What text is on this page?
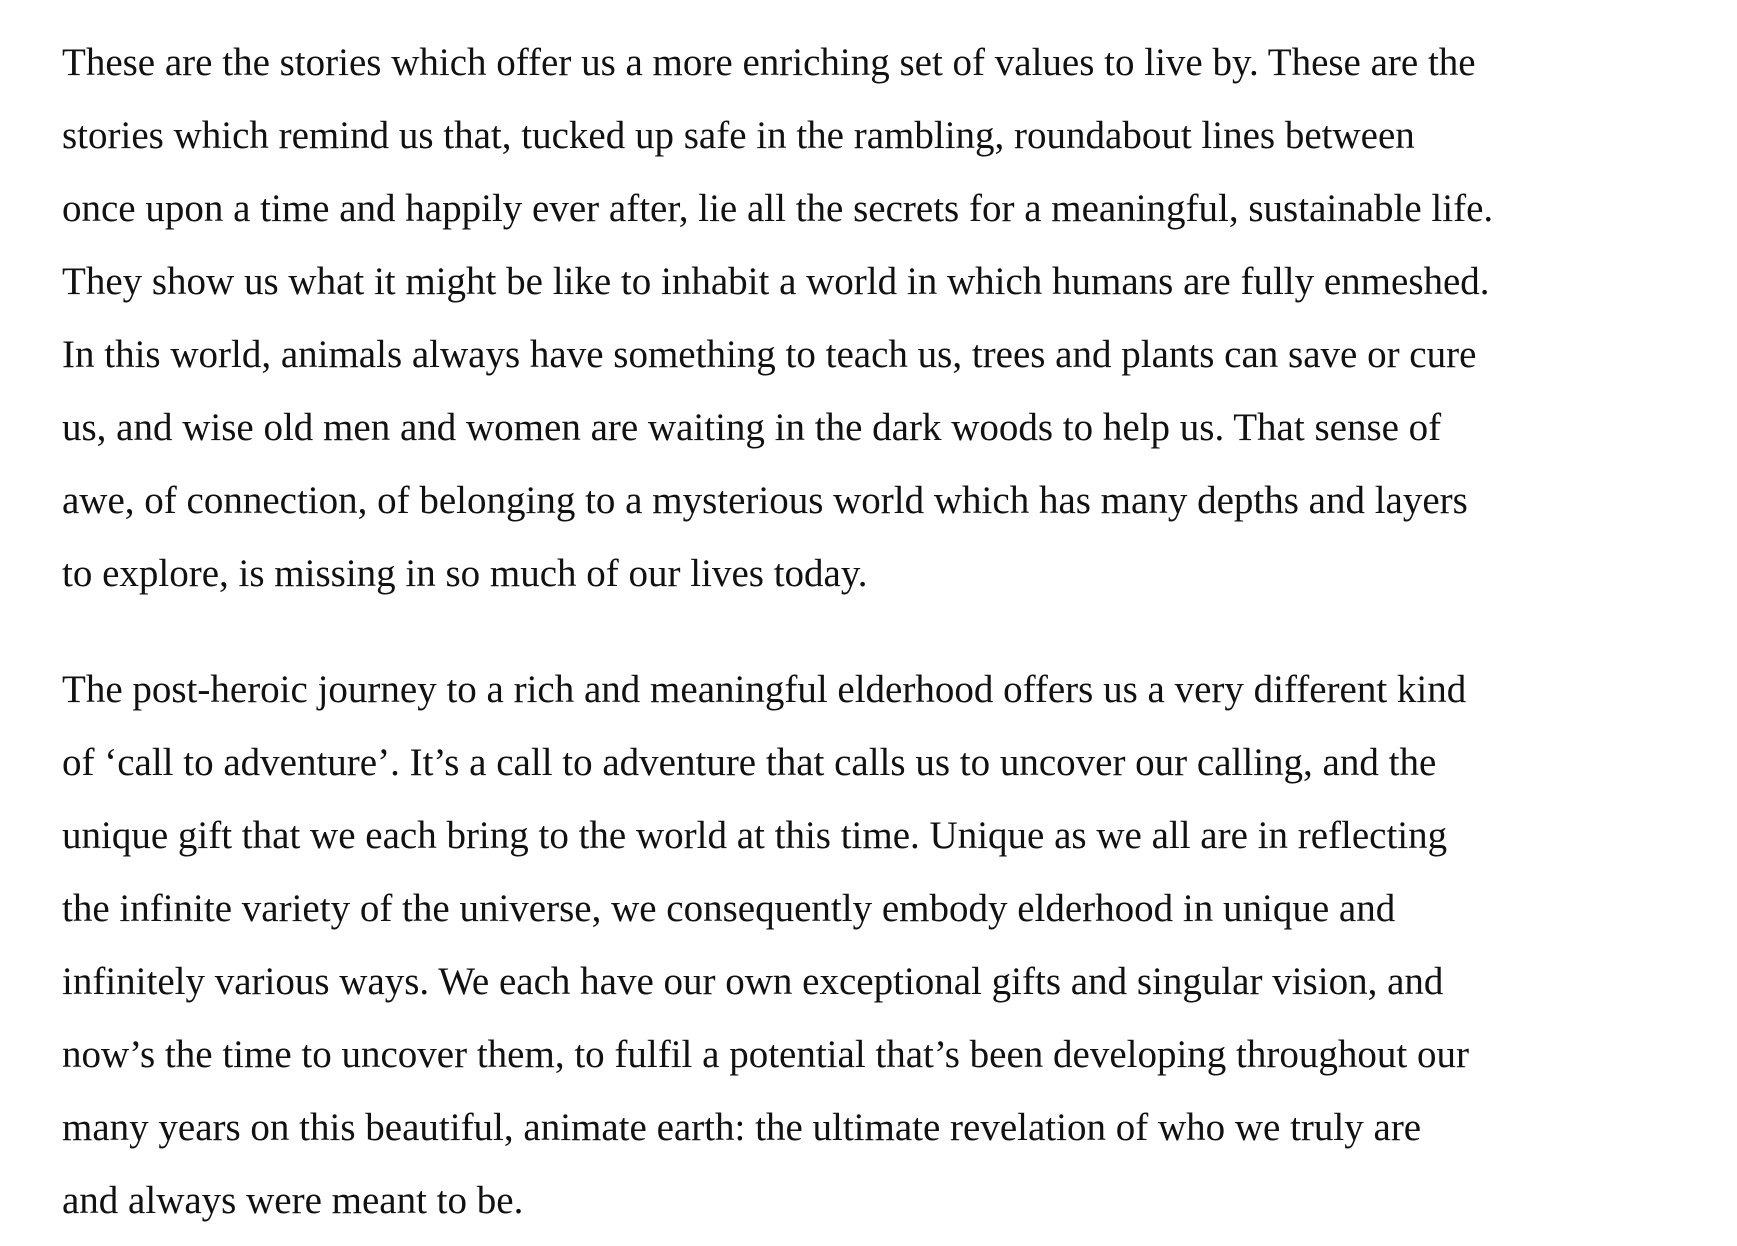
These are the stories which offer us a more enriching set of values to live by. These are the
stories which remind us that, tucked up safe in the rambling, roundabout lines between
once upon a time and happily ever after, lie all the secrets for a meaningful, sustainable life.
They show us what it might be like to inhabit a world in which humans are fully enmeshed.
In this world, animals always have something to teach us, trees and plants can save or cure
us, and wise old men and women are waiting in the dark woods to help us. That sense of
awe, of connection, of belonging to a mysterious world which has many depths and layers
to explore, is missing in so much of our lives today.

The post-heroic journey to a rich and meaningful elderhood offers us a very different kind
of ‘call to adventure’. It’s a call to adventure that calls us to uncover our calling, and the
unique gift that we each bring to the world at this time. Unique as we all are in reflecting
the infinite variety of the universe, we consequently embody elderhood in unique and
infinitely various ways. We each have our own exceptional gifts and singular vision, and
now’s the time to uncover them, to fulfil a potential that’s been developing throughout our
many years on this beautiful, animate earth: the ultimate revelation of who we truly are
and always were meant to be.
